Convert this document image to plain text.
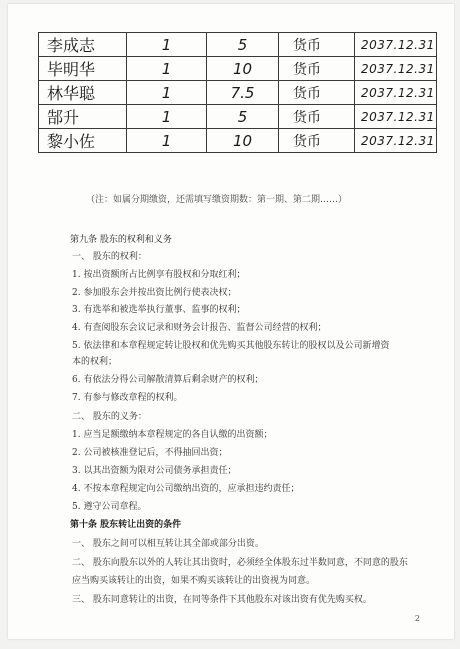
李成志	1	5	货币	2037.12.31
毕明华	1	10	货币	2037.12.31
林华聪	1	7.5	货币	2037.12.31
郜升	1	5	货币	2037.12.31
黎小佐	1	10	货币	2037.12.31
（注：如属分期缴资，还需填写缴资期数：第一期、第二期……）
第九条 股东的权利和义务
一、 股东的权利：
1. 按出资额所占比例享有股权和分取红利；
2. 参加股东会并按出资比例行使表决权；
3. 有选举和被选举执行董事、监事的权利；
4. 有查阅股东会议记录和财务会计报告、监督公司经营的权利；
5. 依法律和本章程规定转让股权和优先购买其他股东转让的股权以及公司新增资
本的权利；
6. 有依法分得公司解散清算后剩余财产的权利；
7. 有参与修改章程的权利。
二、 股东的义务：
1. 应当足额缴纳本章程规定的各自认缴的出资额；
2. 公司被核准登记后，不得抽回出资；
3. 以其出资额为限对公司债务承担责任；
4. 不按本章程规定向公司缴纳出资的，应承担违约责任；
5. 遵守公司章程。
第十条 股东转让出资的条件
一、 股东之间可以相互转让其全部或部分出资。
二、 股东向股东以外的人转让其出资时，必须经全体股东过半数同意，不同意的股东
应当购买该转让的出资，如果不购买该转让的出资视为同意。
三、 股东同意转让的出资，在同等条件下其他股东对该出资有优先购买权。
2
